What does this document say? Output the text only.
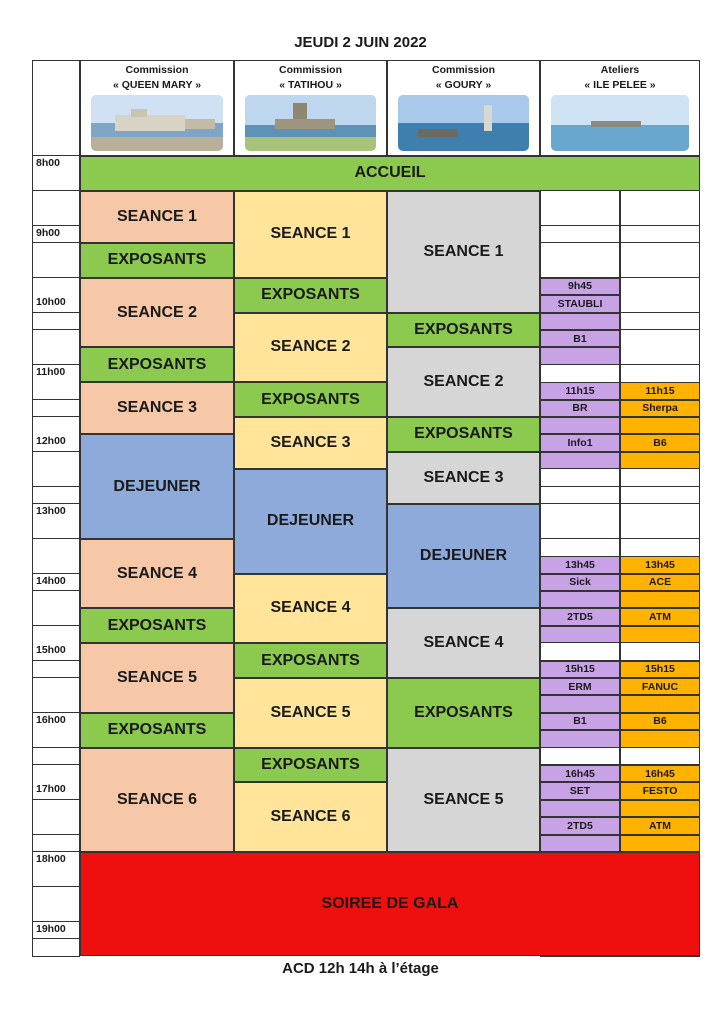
JEUDI 2 JUIN 2022
Commission
« QUEEN MARY »
Commission
« TATIHOU »
Commission
« GOURY »
Ateliers
« ILE PELEE »
8h00
9h00
10h00
11h00
12h00
13h00
14h00
15h00
16h00
17h00
18h00
19h00
ACCUEIL
SEANCE 1
EXPOSANTS
SEANCE 2
EXPOSANTS
SEANCE 3
DEJEUNER
SEANCE 4
EXPOSANTS
SEANCE 5
EXPOSANTS
SEANCE 6
SEANCE 1
EXPOSANTS
SEANCE 2
EXPOSANTS
SEANCE 3
DEJEUNER
SEANCE 4
EXPOSANTS
SEANCE 5
EXPOSANTS
SEANCE 6
SEANCE 1
EXPOSANTS
SEANCE 2
EXPOSANTS
SEANCE 3
DEJEUNER
SEANCE 4
EXPOSANTS
SEANCE 5
9h45
STAUBLI
B1
11h15
BR
Info1
11h15
Sherpa
B6
13h45
Sick
2TD5
13h45
ACE
ATM
15h15
ERM
B1
15h15
FANUC
B6
16h45
SET
2TD5
16h45
FESTO
ATM
SOIREE DE GALA
ACD 12h 14h à l’étage
